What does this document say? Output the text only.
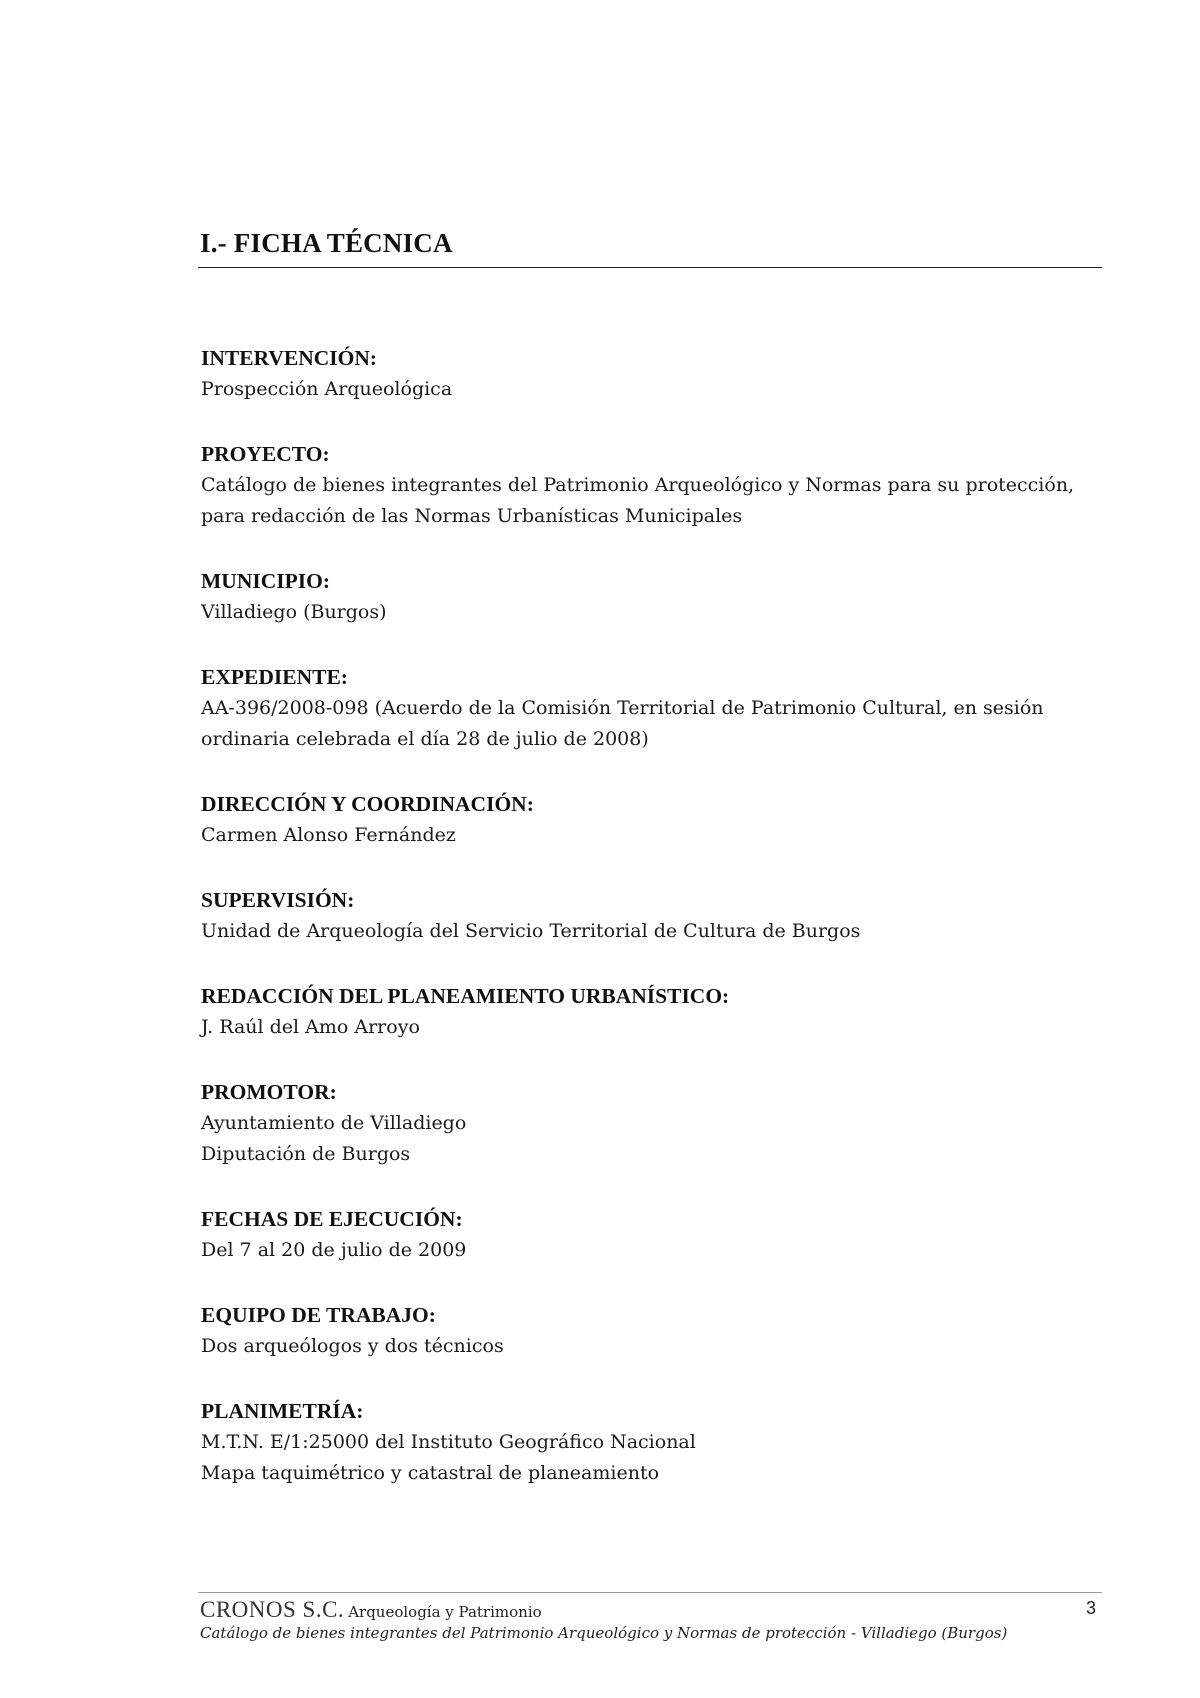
I.- FICHA TÉCNICA
INTERVENCIÓN:
Prospección Arqueológica
PROYECTO:
Catálogo de bienes integrantes del Patrimonio Arqueológico y Normas para su protección,
para redacción de las Normas Urbanísticas Municipales
MUNICIPIO:
Villadiego (Burgos)
EXPEDIENTE:
AA-396/2008-098 (Acuerdo de la Comisión Territorial de Patrimonio Cultural, en sesión
ordinaria celebrada el día 28 de julio de 2008)
DIRECCIÓN Y COORDINACIÓN:
Carmen Alonso Fernández
SUPERVISIÓN:
Unidad de Arqueología del Servicio Territorial de Cultura de Burgos
REDACCIÓN DEL PLANEAMIENTO URBANÍSTICO:
J. Raúl del Amo Arroyo
PROMOTOR:
Ayuntamiento de Villadiego
Diputación de Burgos
FECHAS DE EJECUCIÓN:
Del 7 al 20 de julio de 2009
EQUIPO DE TRABAJO:
Dos arqueólogos y dos técnicos
PLANIMETRÍA:
M.T.N. E/1:25000 del Instituto Geográfico Nacional
Mapa taquimétrico y catastral de planeamiento
CRONOS S.C. Arqueología y Patrimonio	3
Catálogo de bienes integrantes del Patrimonio Arqueológico y Normas de protección - Villadiego (Burgos)
